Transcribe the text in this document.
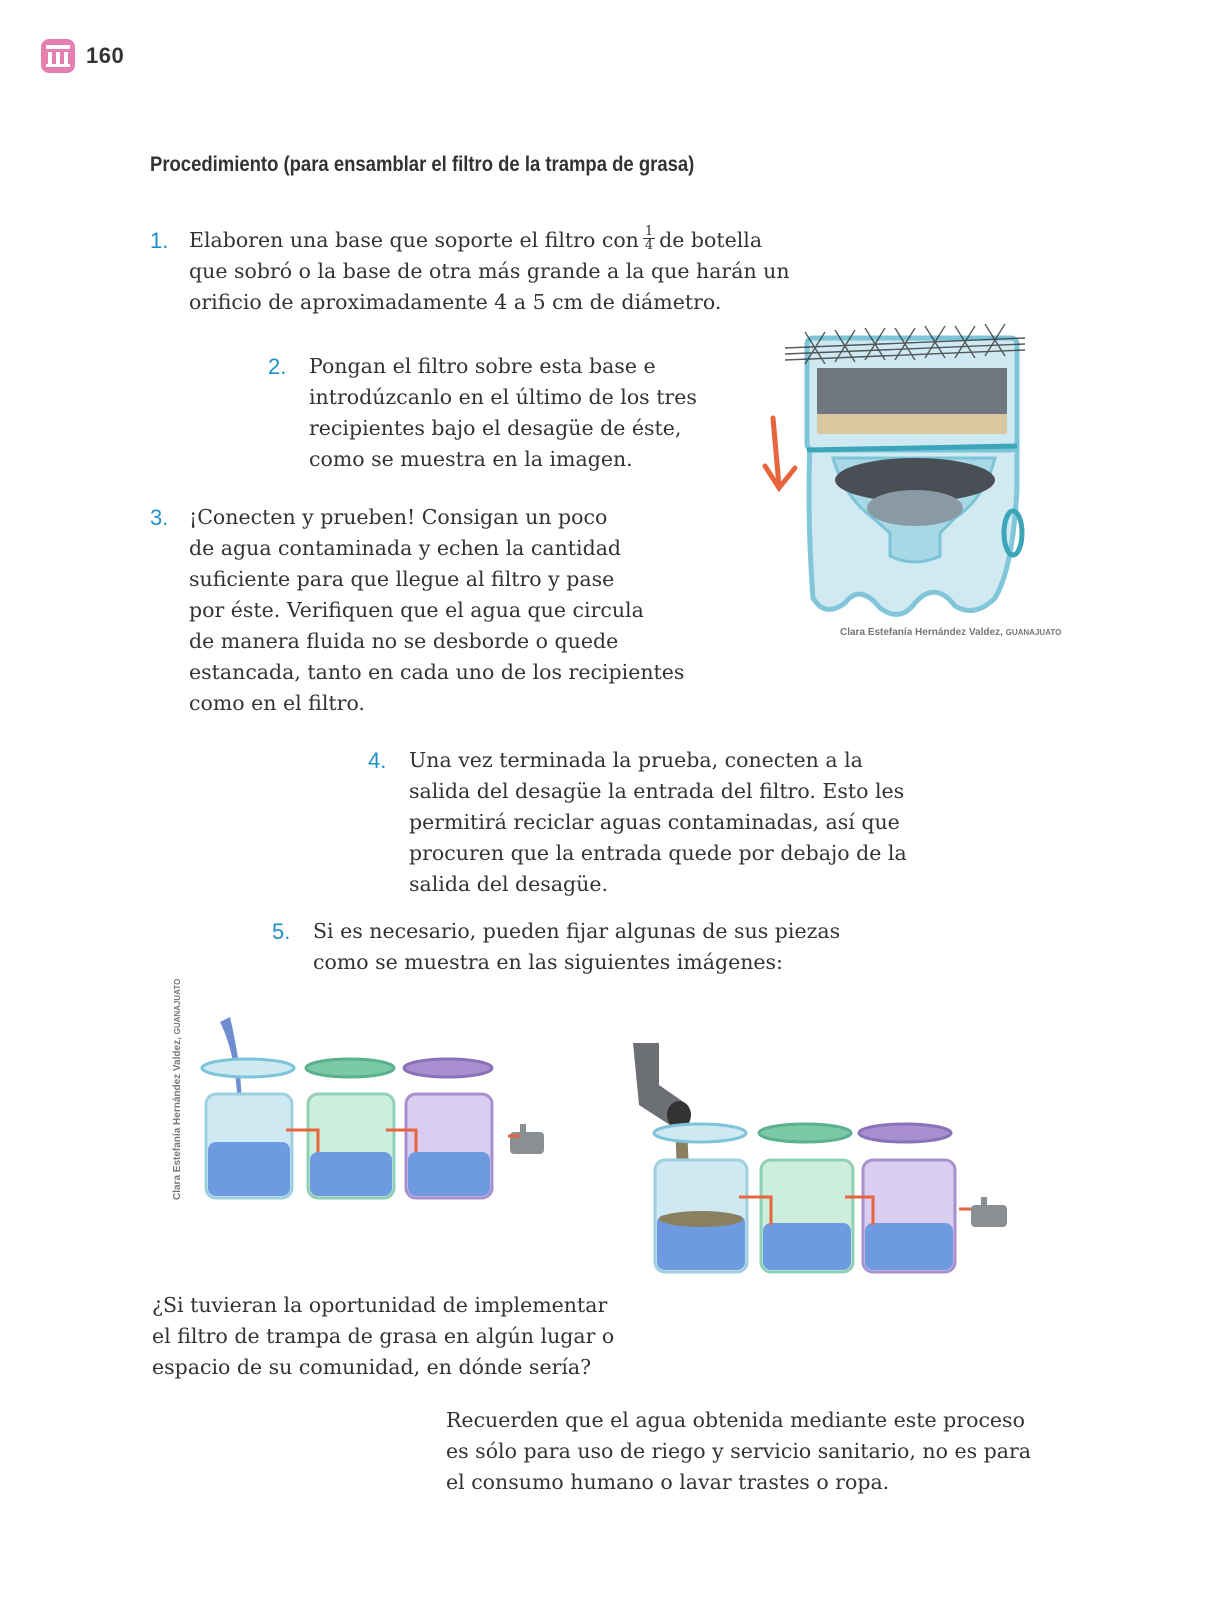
160
Procedimiento (para ensamblar el filtro de la trampa de grasa)
1. Elaboren una base que soporte el filtro con $\frac{1}{4}$ de botella

que sobró o la base de otra más grande a la que harán un

orificio de aproximadamente 4 a 5 cm de diámetro.

2. Pongan el filtro sobre esta base e

introdúzcanlo en el último de los tres

recipientes bajo el desagüe de éste,

como se muestra en la imagen.

3. ¡Conecten y prueben! Consigan un poco

de agua contaminada y echen la cantidad

suficiente para que llegue al filtro y pase

por éste. Verifiquen que el agua que circula

de manera fluida no se desborde o quede

estancada, tanto en cada uno de los recipientes

como en el filtro.

Clara Estefanía Hernández Valdez, GUANAJUATO
4. Una vez terminada la prueba, conecten a la

salida del desagüe la entrada del filtro. Esto les

permitirá reciclar aguas contaminadas, así que

procuren que la entrada quede por debajo de la

salida del desagüe.

5. Si es necesario, pueden fijar algunas de sus piezas

como se muestra en las siguientes imágenes:

Clara Estefanía Hernández Valdez, GUANAJUATO

¿Si tuvieran la oportunidad de implementar

el filtro de trampa de grasa en algún lugar o

espacio de su comunidad, en dónde sería?

Recuerden que el agua obtenida mediante este proceso

es sólo para uso de riego y servicio sanitario, no es para

el consumo humano o lavar trastes o ropa.
